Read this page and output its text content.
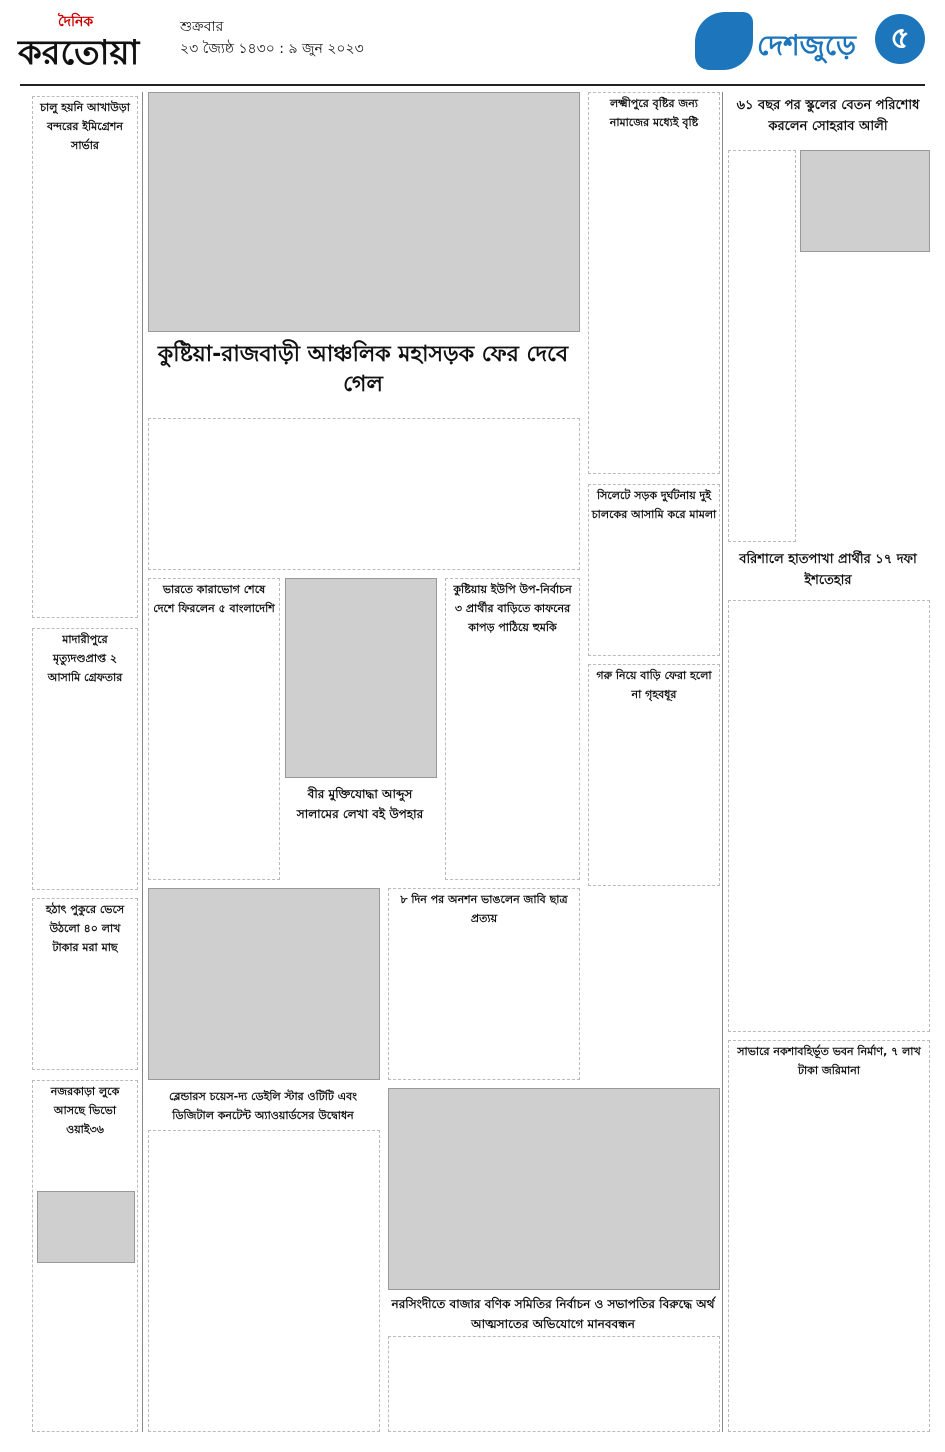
দৈনিক
করতোয়া
শুক্রবার
২৩ জ্যৈষ্ঠ ১৪৩০ : ৯ জুন ২০২৩	দেশজুড়ে	৫
চালু হয়নি আখাউড়া বন্দরের ইমিগ্রেশন সার্ভার
মাদারীপুরে মৃত্যুদণ্ডপ্রাপ্ত ২ আসামি গ্রেফতার
হঠাৎ পুকুরে ভেসে উঠলো ৪০ লাখ টাকার মরা মাছ
নজরকাড়া লুকে আসছে ভিভো ওয়াই৩৬
কুষ্টিয়া-রাজবাড়ী আঞ্চলিক মহাসড়ক ফের দেবে গেল
ভারতে কারাভোগ শেষে দেশে ফিরলেন ৫ বাংলাদেশি
কুষ্টিয়ায় ইউপি উপ-নির্বাচন ৩ প্রার্থীর বাড়িতে কাফনের কাপড় পাঠিয়ে হুমকি
বীর মুক্তিযোদ্ধা আব্দুস সালামের লেখা বই উপহার
ব্লেন্ডারস চয়েস-দ্য ডেইলি স্টার ওটিটি এবং ডিজিটাল কনটেন্ট অ্যাওয়ার্ডসের উদ্বোধন
৮ দিন পর অনশন ভাঙলেন জাবি ছাত্র প্রত্যয়
লক্ষ্মীপুরে বৃষ্টির জন্য নামাজের মধ্যেই বৃষ্টি
সিলেটে সড়ক দুর্ঘটনায় দুই চালকের আসামি করে মামলা
গরু নিয়ে বাড়ি ফেরা হলো না গৃহবধূর
৬১ বছর পর স্কুলের বেতন পরিশোধ করলেন সোহরাব আলী
বরিশালে হাতপাখা প্রার্থীর ১৭ দফা ইশতেহার
সাভারে নকশাবহির্ভূত ভবন নির্মাণ, ৭ লাখ টাকা জরিমানা
নরসিংদীতে বাজার বণিক সমিতির নির্বাচন ও সভাপতির বিরুদ্ধে অর্থ আত্মসাতের অভিযোগে মানববন্ধন
